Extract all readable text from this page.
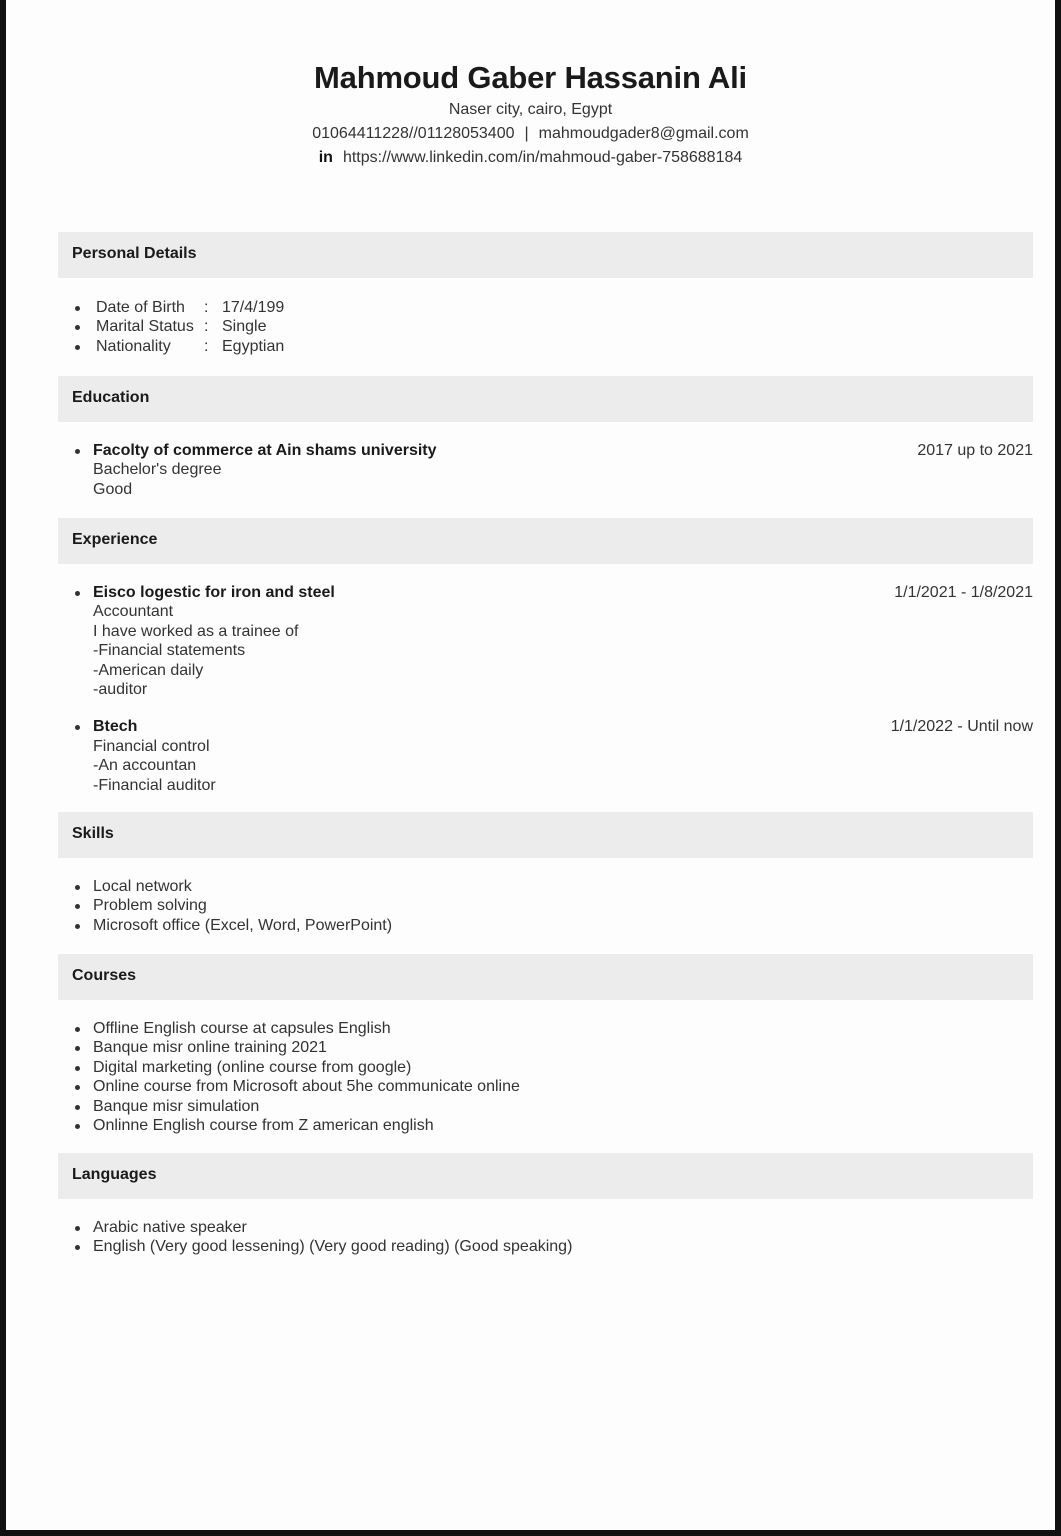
Mahmoud Gaber Hassanin Ali
Naser city, cairo, Egypt
01064411228//01128053400 | mahmoudgader8@gmail.com
in https://www.linkedin.com/in/mahmoud-gaber-758688184
Personal Details
Date of Birth : 17/4/199
Marital Status : Single
Nationality : Egyptian
Education
Facolty of commerce at Ain shams university	2017 up to 2021
Bachelor's degree
Good
Experience
Eisco logestic for iron and steel	1/1/2021 - 1/8/2021
Accountant
I have worked as a trainee of
-Financial statements
-American daily
-auditor
Btech	1/1/2022 - Until now
Financial control
-An accountan
-Financial auditor
Skills
Local network
Problem solving
Microsoft office (Excel, Word, PowerPoint)
Courses
Offline English course at capsules English
Banque misr online training 2021
Digital marketing (online course from google)
Online course from Microsoft about 5he communicate online
Banque misr simulation
Onlinne English course from Z american english
Languages
Arabic native speaker
English (Very good lessening) (Very good reading) (Good speaking)
